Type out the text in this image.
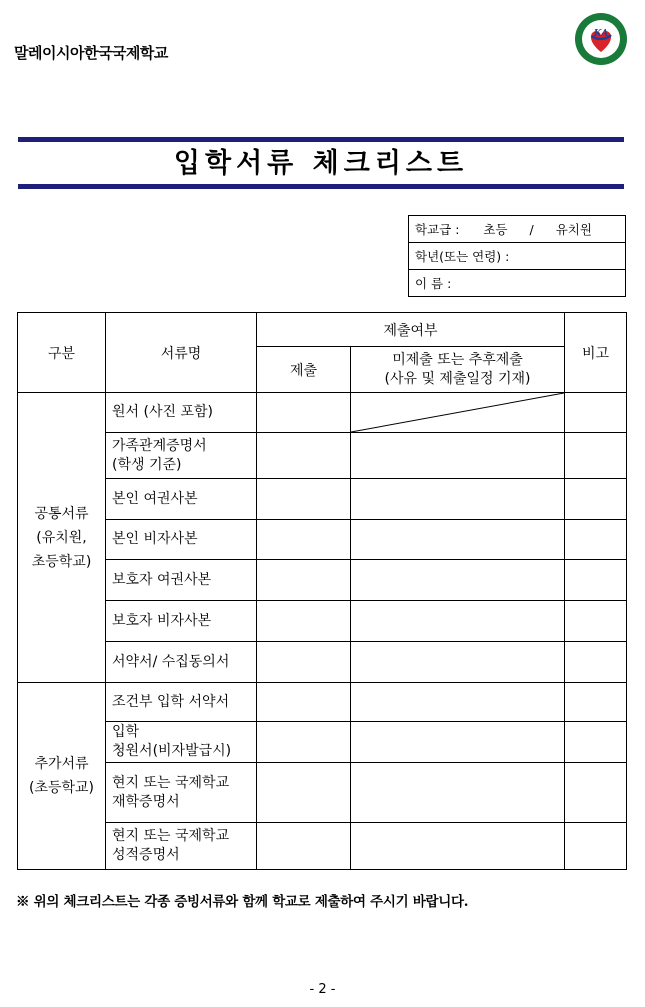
말레이시아한국국제학교
KA
입학서류 체크리스트
학교급 : 초등 / 유치원
학년(또는 연령) :
이 름 :
구분	서류명	제출여부		비고
		제출	미제출 또는 추후제출
(사유 및 제출일정 기재)	

공통서류
(유치원,
초등학교)	원서 (사진 포함)

	가족관계증명서
(학생 기준)			

	본인 여권사본			

	본인 비자사본			

	보호자 여권사본			

	보호자 비자사본			

	서약서/ 수집동의서			

추가서류
(초등학교)	조건부 입학 서약서			

	입학
청원서(비자발급시)			

	현지 또는 국제학교
재학증명서			

	현지 또는 국제학교
성적증명서			

※ 위의 체크리스트는 각종 증빙서류와 함께 학교로 제출하여 주시기 바랍니다.
- 2 -
